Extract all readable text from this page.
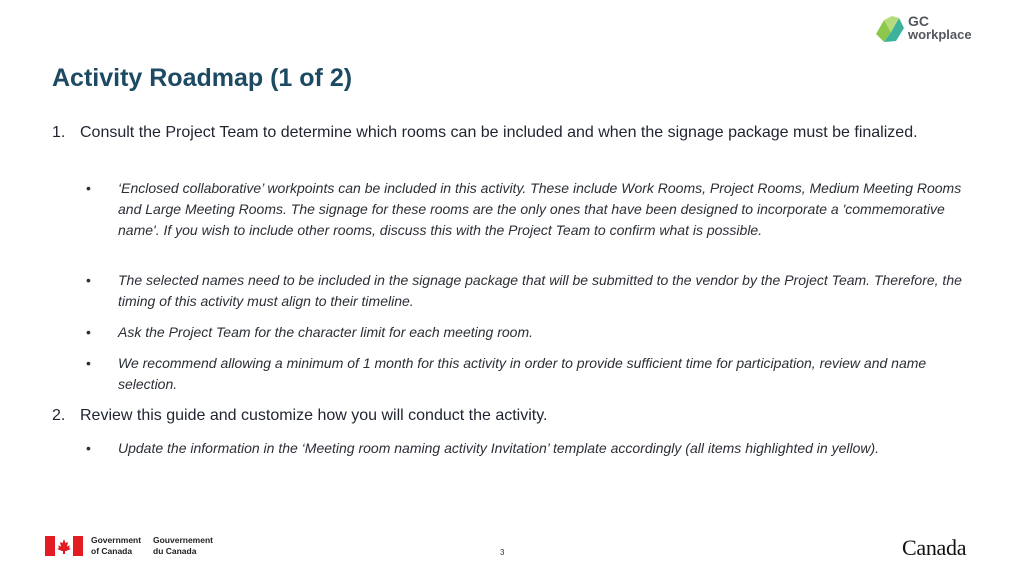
GC
workplace
Activity Roadmap (1 of 2)
1. Consult the Project Team to determine which rooms can be included and when the signage package must be finalized.
• ‘Enclosed collaborative’ workpoints can be included in this activity. These include Work Rooms, Project Rooms, Medium Meeting Rooms and Large Meeting Rooms. The signage for these rooms are the only ones that have been designed to incorporate a 'commemorative name'. If you wish to include other rooms, discuss this with the Project Team to confirm what is possible.
• The selected names need to be included in the signage package that will be submitted to the vendor by the Project Team. Therefore, the timing of this activity must align to their timeline.
• Ask the Project Team for the character limit for each meeting room.
• We recommend allowing a minimum of 1 month for this activity in order to provide sufficient time for participation, review and name selection.
2. Review this guide and customize how you will conduct the activity.
• Update the information in the ‘Meeting room naming activity Invitation’ template accordingly (all items highlighted in yellow).
Government
of Canada
Gouvernement
du Canada	3	Canada
